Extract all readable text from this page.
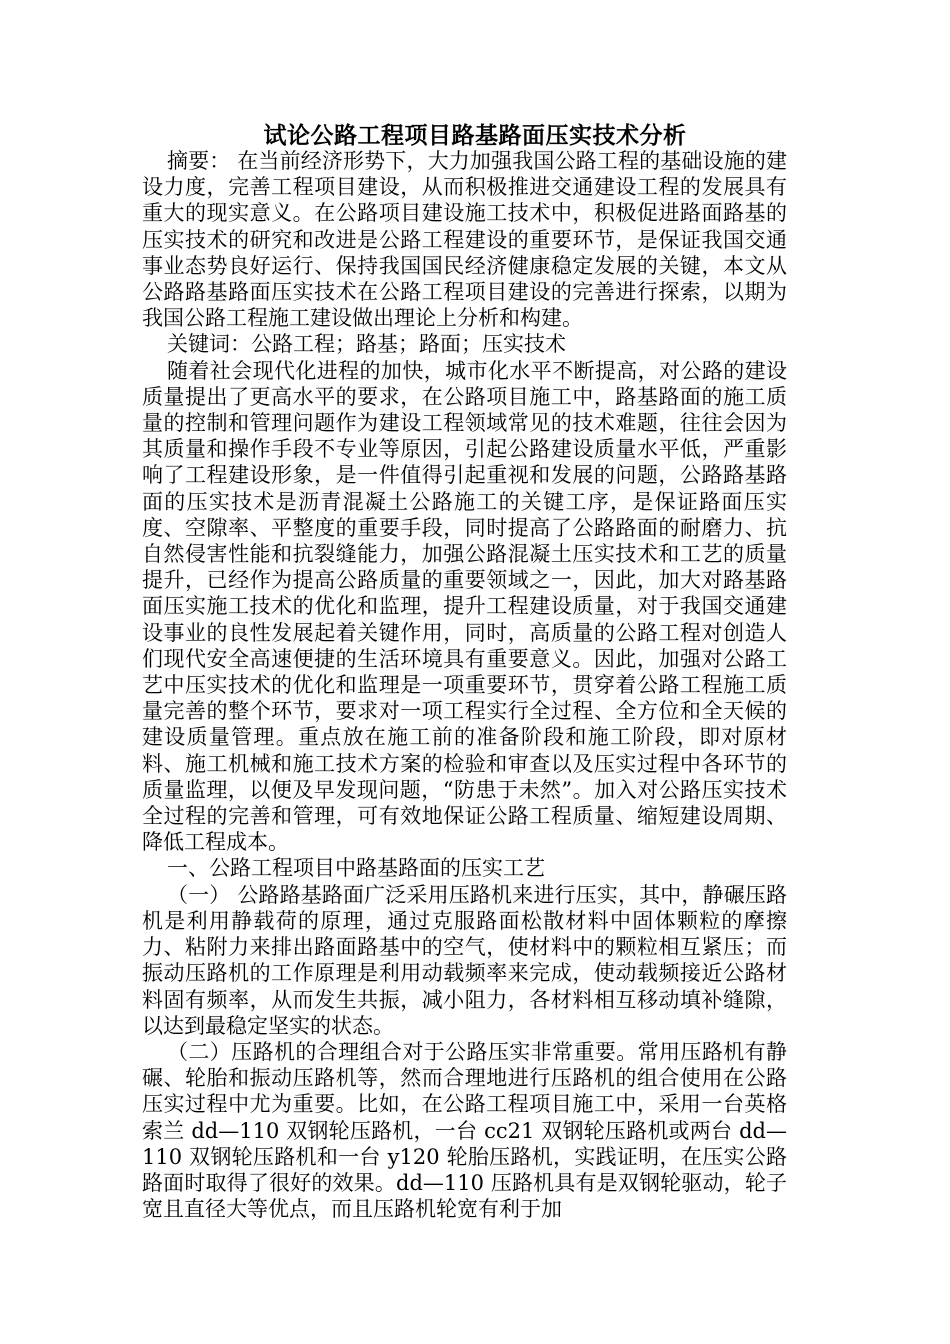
试论公路工程项目路基路面压实技术分析

摘要： 在当前经济形势下，大力加强我国公路工程的基础设施的建设力度，完善工程项目建设，从而积极推进交通建设工程的发展具有重大的现实意义。在公路项目建设施工技术中，积极促进路面路基的压实技术的研究和改进是公路工程建设的重要环节，是保证我国交通事业态势良好运行、保持我国国民经济健康稳定发展的关键，本文从公路路基路面压实技术在公路工程项目建设的完善进行探索，以期为我国公路工程施工建设做出理论上分析和构建。

关键词：公路工程；路基；路面；压实技术

随着社会现代化进程的加快，城市化水平不断提高，对公路的建设质量提出了更高水平的要求，在公路项目施工中，路基路面的施工质量的控制和管理问题作为建设工程领域常见的技术难题，往往会因为其质量和操作手段不专业等原因，引起公路建设质量水平低，严重影响了工程建设形象，是一件值得引起重视和发展的问题，公路路基路面的压实技术是沥青混凝土公路施工的关键工序，是保证路面压实度、空隙率、平整度的重要手段，同时提高了公路路面的耐磨力、抗自然侵害性能和抗裂缝能力，加强公路混凝土压实技术和工艺的质量提升，已经作为提高公路质量的重要领域之一，因此，加大对路基路面压实施工技术的优化和监理，提升工程建设质量，对于我国交通建设事业的良性发展起着关键作用，同时，高质量的公路工程对创造人们现代安全高速便捷的生活环境具有重要意义。因此，加强对公路工艺中压实技术的优化和监理是一项重要环节，贯穿着公路工程施工质量完善的整个环节，要求对一项工程实行全过程、全方位和全天候的建设质量管理。重点放在施工前的准备阶段和施工阶段，即对原材料、施工机械和施工技术方案的检验和审查以及压实过程中各环节的质量监理，以便及早发现问题，“防患于未然”。加入对公路压实技术全过程的完善和管理，可有效地保证公路工程质量、缩短建设周期、降低工程成本。

一、公路工程项目中路基路面的压实工艺

（一） 公路路基路面广泛采用压路机来进行压实，其中，静碾压路机是利用静载荷的原理，通过克服路面松散材料中固体颗粒的摩擦力、粘附力来排出路面路基中的空气，使材料中的颗粒相互紧压；而振动压路机的工作原理是利用动载频率来完成，使动载频接近公路材料固有频率，从而发生共振，减小阻力，各材料相互移动填补缝隙，以达到最稳定坚实的状态。

（二）压路机的合理组合对于公路压实非常重要。常用压路机有静碾、轮胎和振动压路机等，然而合理地进行压路机的组合使用在公路压实过程中尤为重要。比如，在公路工程项目施工中，采用一台英格索兰 dd—110 双钢轮压路机，一台 cc21 双钢轮压路机或两台 dd—110 双钢轮压路机和一台 y120 轮胎压路机，实践证明，在压实公路路面时取得了很好的效果。dd—110 压路机具有是双钢轮驱动，轮子宽且直径大等优点，而且压路机轮宽有利于加
